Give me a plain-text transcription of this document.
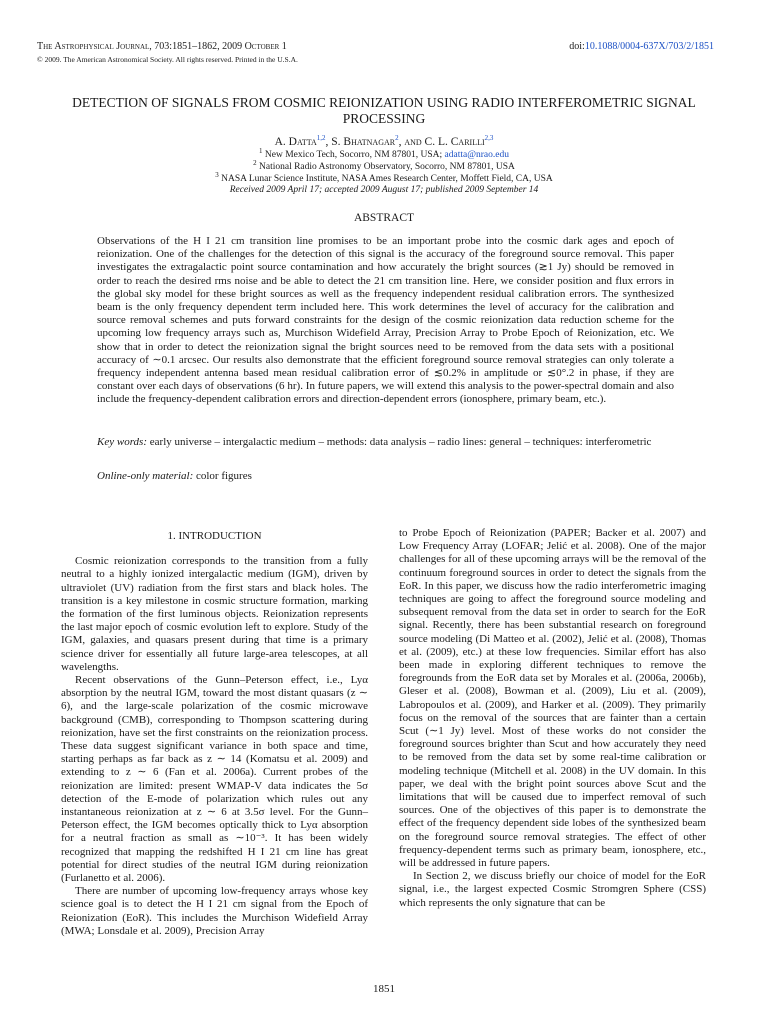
The Astrophysical Journal, 703:1851–1862, 2009 October 1
© 2009. The American Astronomical Society. All rights reserved. Printed in the U.S.A.
doi:10.1088/0004-637X/703/2/1851
DETECTION OF SIGNALS FROM COSMIC REIONIZATION USING RADIO INTERFEROMETRIC SIGNAL PROCESSING
A. Datta$^{1,2}$, S. Bhatnagar$^2$, and C. L. Carilli$^{2,3}$
$^1$ New Mexico Tech, Socorro, NM 87801, USA; adatta@nrao.edu
$^2$ National Radio Astronomy Observatory, Socorro, NM 87801, USA
$^3$ NASA Lunar Science Institute, NASA Ames Research Center, Moffett Field, CA, USA
Received 2009 April 17; accepted 2009 August 17; published 2009 September 14
ABSTRACT
Observations of the H I 21 cm transition line promises to be an important probe into the cosmic dark ages and epoch of reionization. One of the challenges for the detection of this signal is the accuracy of the foreground source removal. This paper investigates the extragalactic point source contamination and how accurately the bright sources (≳1 Jy) should be removed in order to reach the desired rms noise and be able to detect the 21 cm transition line. Here, we consider position and flux errors in the global sky model for these bright sources as well as the frequency independent residual calibration errors. The synthesized beam is the only frequency dependent term included here. This work determines the level of accuracy for the calibration and source removal schemes and puts forward constraints for the design of the cosmic reionization data reduction scheme for the upcoming low frequency arrays such as, Murchison Widefield Array, Precision Array to Probe Epoch of Reionization, etc. We show that in order to detect the reionization signal the bright sources need to be removed from the data sets with a positional accuracy of ∼0.1 arcsec. Our results also demonstrate that the efficient foreground source removal strategies can only tolerate a frequency independent antenna based mean residual calibration error of ≲0.2% in amplitude or ≲0°.2 in phase, if they are constant over each days of observations (6 hr). In future papers, we will extend this analysis to the power-spectral domain and also include the frequency-dependent calibration errors and direction-dependent errors (ionosphere, primary beam, etc.).
Key words: early universe – intergalactic medium – methods: data analysis – radio lines: general – techniques: interferometric
Online-only material: color figures
1. INTRODUCTION

Cosmic reionization corresponds to the transition from a fully neutral to a highly ionized intergalactic medium (IGM), driven by ultraviolet (UV) radiation from the first stars and black holes. The transition is a key milestone in cosmic structure formation, marking the formation of the first luminous objects. Reionization represents the last major epoch of cosmic evolution left to explore. Study of the IGM, galaxies, and quasars present during that time is a primary science driver for essentially all future large-area telescopes, at all wavelengths.

Recent observations of the Gunn–Peterson effect, i.e., Lyα absorption by the neutral IGM, toward the most distant quasars (z ∼ 6), and the large-scale polarization of the cosmic microwave background (CMB), corresponding to Thompson scattering during reionization, have set the first constraints on the reionization process. These data suggest significant variance in both space and time, starting perhaps as far back as z ∼ 14 (Komatsu et al. 2009) and extending to z ∼ 6 (Fan et al. 2006a). Current probes of the reionization are limited: present WMAP-V data indicates the 5σ detection of the E-mode of polarization which rules out any instantaneous reionization at z ∼ 6 at 3.5σ level. For the Gunn–Peterson effect, the IGM becomes optically thick to Lyα absorption for a neutral fraction as small as ∼10⁻³. It has been widely recognized that mapping the redshifted H I 21 cm line has great potential for direct studies of the neutral IGM during reionization (Furlanetto et al. 2006).

There are number of upcoming low-frequency arrays whose key science goal is to detect the H I 21 cm signal from the Epoch of Reionization (EoR). This includes the Murchison Widefield Array (MWA; Lonsdale et al. 2009), Precision Array

to Probe Epoch of Reionization (PAPER; Backer et al. 2007) and Low Frequency Array (LOFAR; Jelić et al. 2008). One of the major challenges for all of these upcoming arrays will be the removal of the continuum foreground sources in order to detect the signals from the EoR. In this paper, we discuss how the radio interferometric imaging techniques are going to affect the foreground source modeling and subsequent removal from the data set in order to search for the EoR signal. Recently, there has been substantial research on foreground source modeling (Di Matteo et al. (2002), Jelić et al. (2008), Thomas et al. (2009), etc.) at these low frequencies. Similar effort has also been made in exploring different techniques to remove the foregrounds from the EoR data set by Morales et al. (2006a, 2006b), Gleser et al. (2008), Bowman et al. (2009), Liu et al. (2009), Labropoulos et al. (2009), and Harker et al. (2009). They primarily focus on the removal of the sources that are fainter than a certain Scut (∼1 Jy) level. Most of these works do not consider the foreground sources brighter than Scut and how accurately they need to be removed from the data set by some real-time calibration or modeling technique (Mitchell et al. 2008) in the UV domain. In this paper, we deal with the bright point sources above Scut and the limitations that will be caused due to imperfect removal of such sources. One of the objectives of this paper is to demonstrate the effect of the frequency dependent side lobes of the synthesized beam on the foreground source removal strategies. The effect of other frequency-dependent terms such as primary beam, ionosphere, etc., will be addressed in future papers.

In Section 2, we discuss briefly our choice of model for the EoR signal, i.e., the largest expected Cosmic Stromgren Sphere (CSS) which represents the only signature that can be

1851
